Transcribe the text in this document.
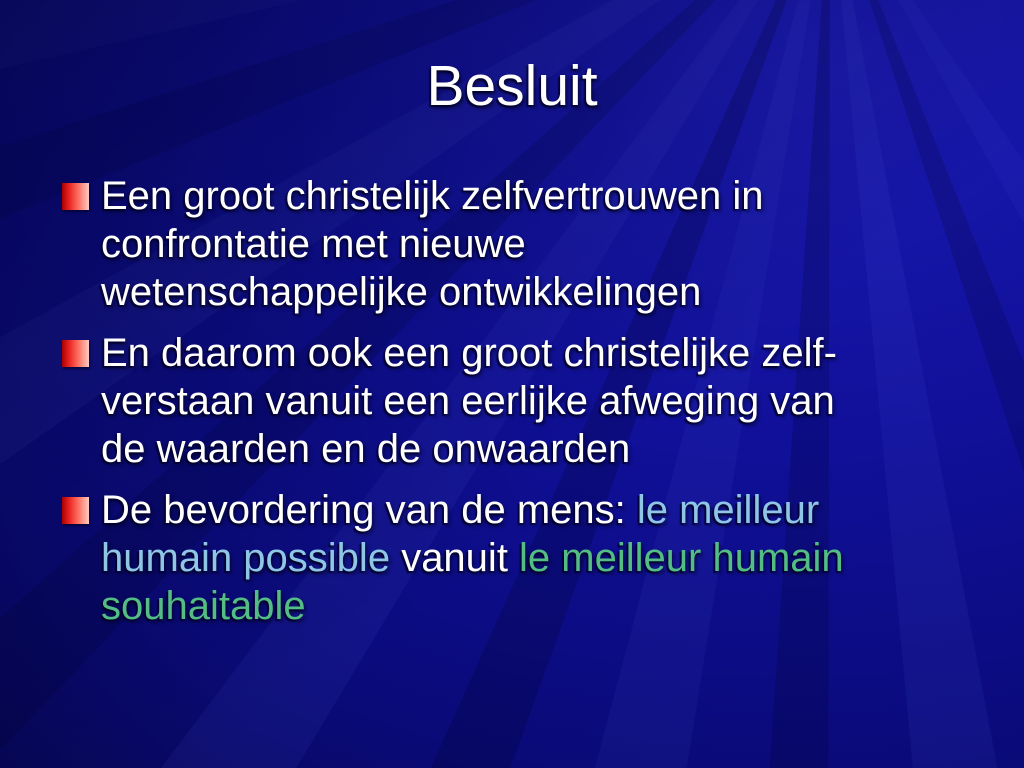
Besluit
Een groot christelijk zelfvertrouwen in
confrontatie met nieuwe
wetenschappelijke ontwikkelingen
En daarom ook een groot christelijke zelf-
verstaan vanuit een eerlijke afweging van
de waarden en de onwaarden
De bevordering van de mens: le meilleur
humain possible vanuit le meilleur humain
souhaitable
